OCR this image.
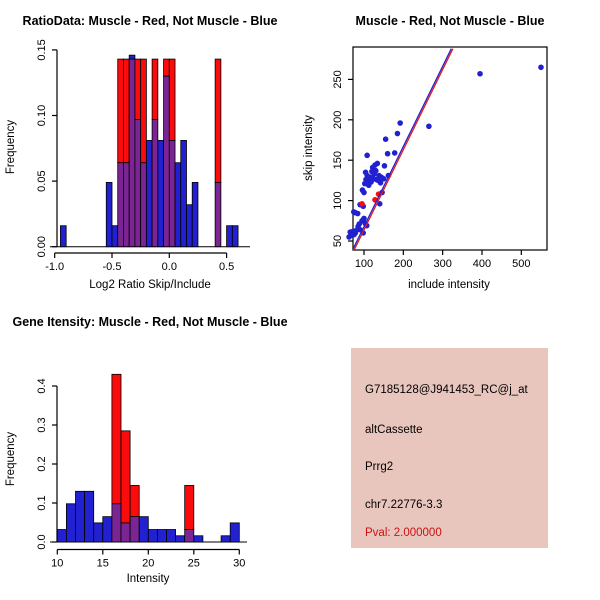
0.00
0.05
0.10
0.15
-1.0	-0.5	0.0	0.5
0.0
0.1
0.2
0.3
0.4
10	15	20	25	30
100 200 300 400 500
50
100
150
200
250
RatioData: Muscle - Red, Not Muscle - Blue	Muscle - Red, Not Muscle - Blue
Gene Itensity: Muscle - Red, Not Muscle - Blue
Frequency
Log2 Ratio Skip/Include
skip intensity
include intensity
Frequency
Intensity
G7185128@J941453_RC@j_at
altCassette
Prrg2
chr7.22776-3.3
Pval: 2.000000
